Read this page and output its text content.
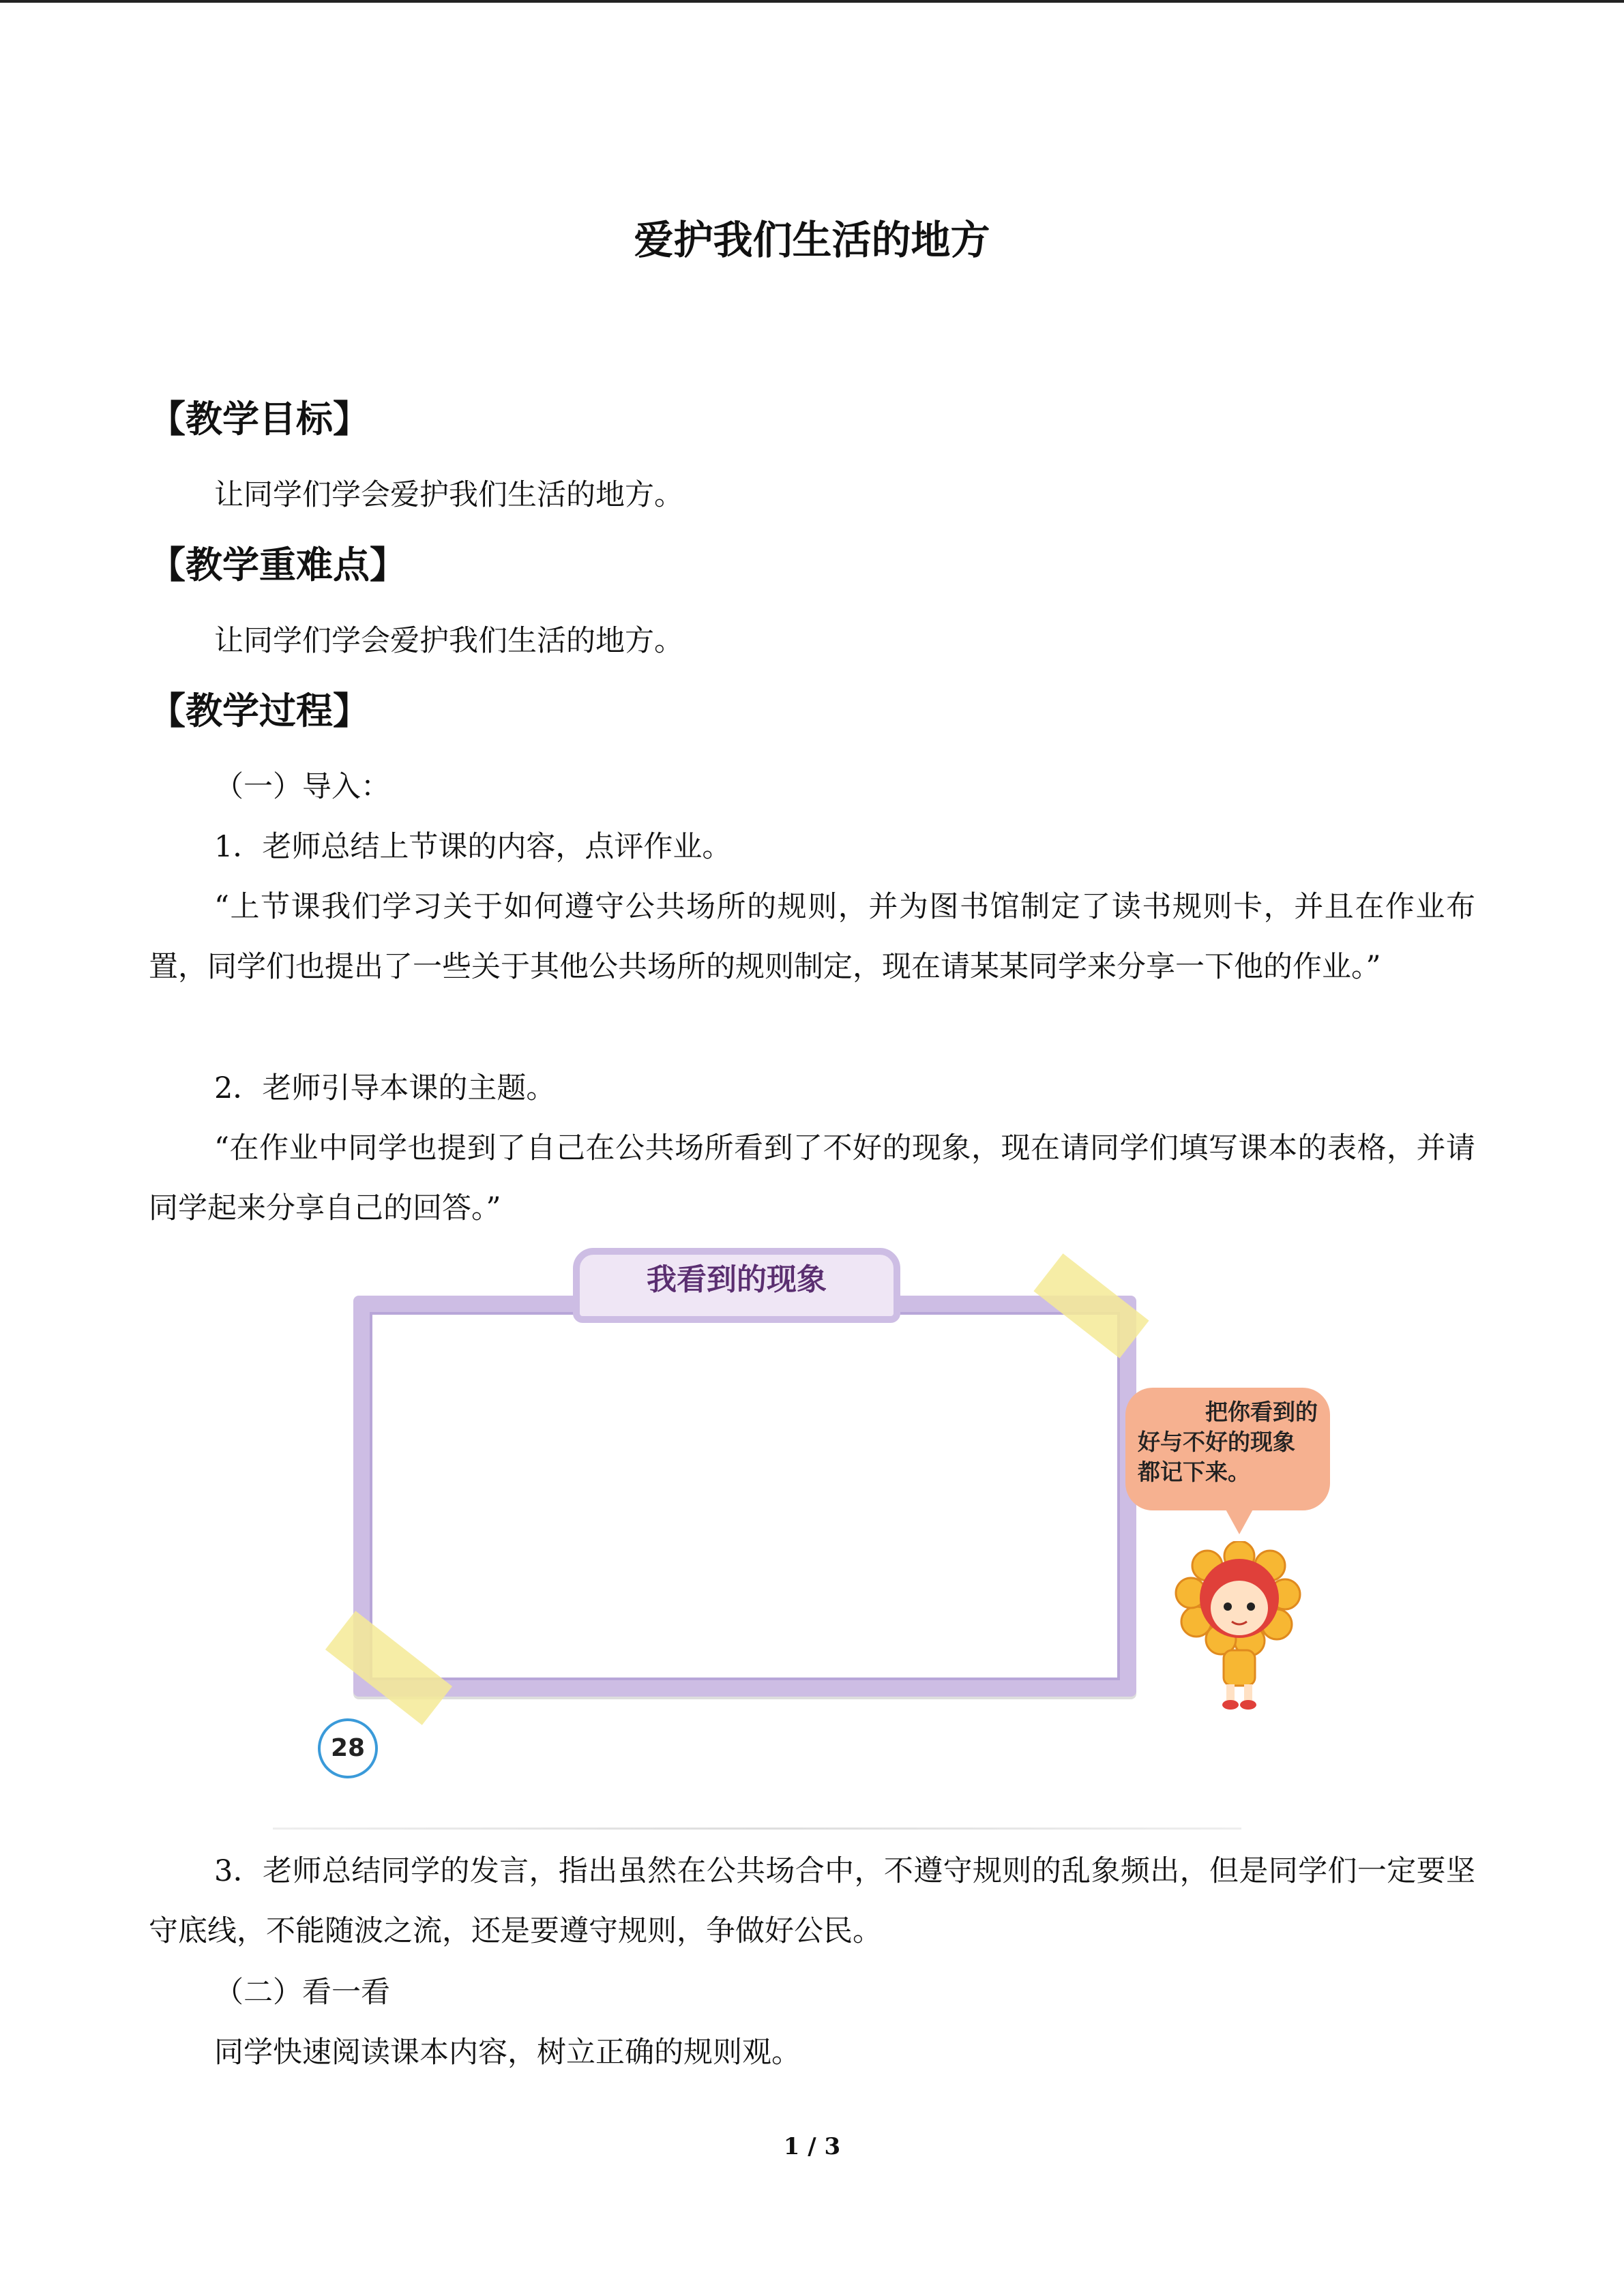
爱护我们生活的地方
【教学目标】
让同学们学会爱护我们生活的地方。
【教学重难点】
让同学们学会爱护我们生活的地方。
【教学过程】
（一）导入：
1．老师总结上节课的内容，点评作业。
“上节课我们学习关于如何遵守公共场所的规则，并为图书馆制定了读书规则卡，并且在作业布置，同学们也提出了一些关于其他公共场所的规则制定，现在请某某同学来分享一下他的作业。”
2．老师引导本课的主题。
“在作业中同学也提到了自己在公共场所看到了不好的现象，现在请同学们填写课本的表格，并请同学起来分享自己的回答。”
我看到的现象
把你看到的
好与不好的现象
都记下来。
28
3．老师总结同学的发言，指出虽然在公共场合中，不遵守规则的乱象频出，但是同学们一定要坚守底线，不能随波之流，还是要遵守规则，争做好公民。
（二）看一看
同学快速阅读课本内容，树立正确的规则观。
1 / 3
